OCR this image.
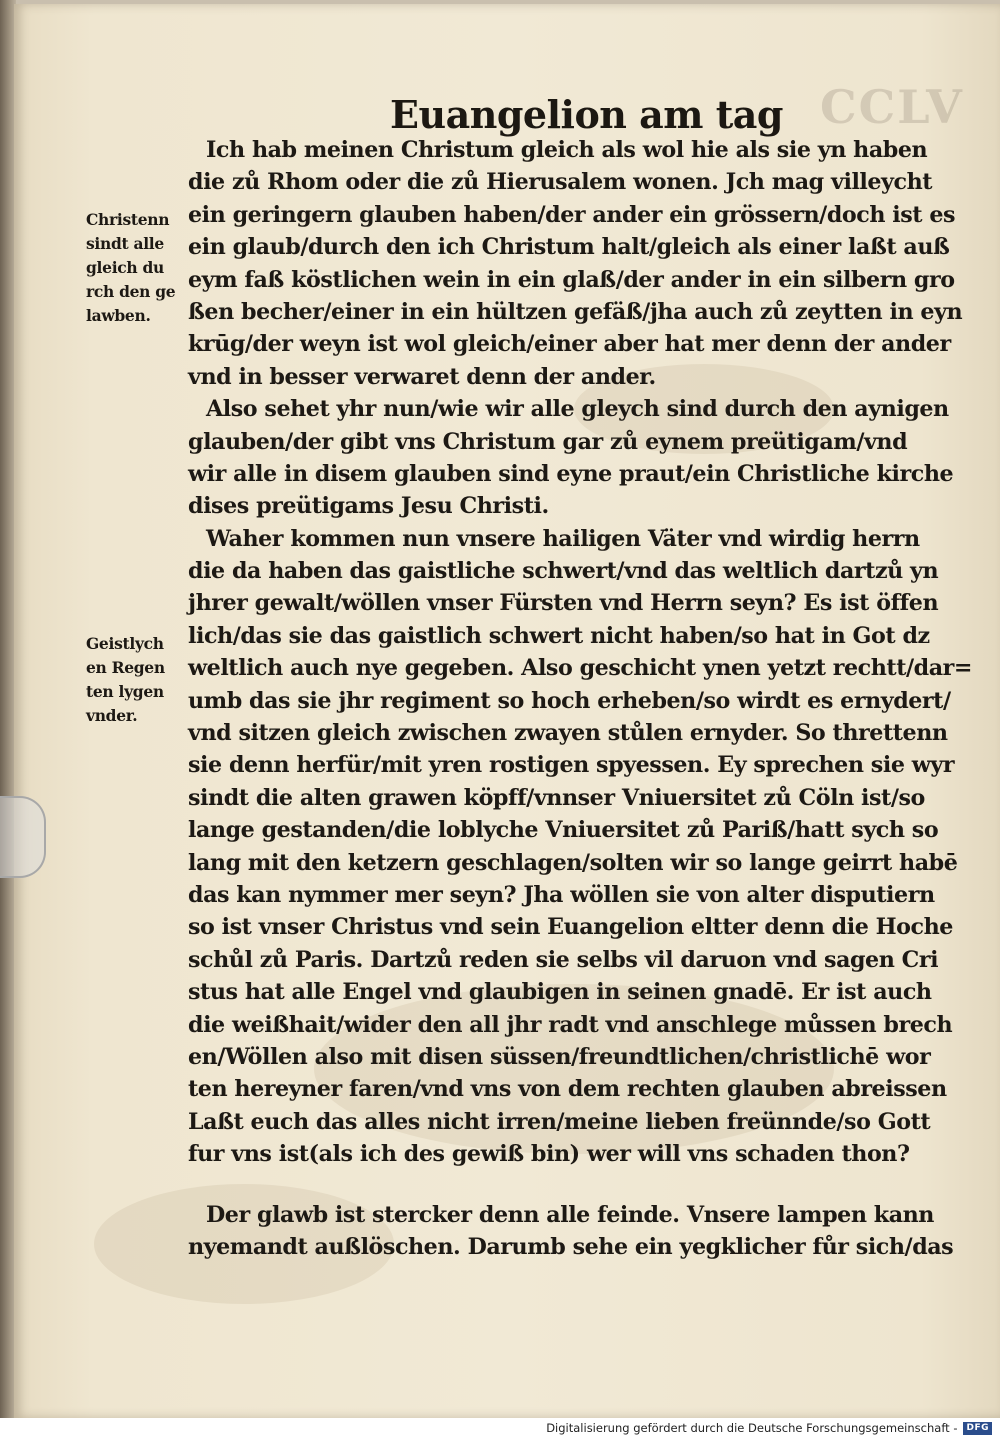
CCLV
Euangelion am tag
Christenn
sindt alle
gleich du
rch den ge
lawben.
Geistlych
en Regen
ten lygen
vnder.
Ich hab meinen Christum gleich als wol hie als sie yn haben
die zů Rhom oder die zů Hierusalem wonen. Jch mag villeycht
ein geringern glauben haben/der ander ein grössern/doch ist es
ein glaub/durch den ich Christum halt/gleich als einer laßt auß
eym faß köstlichen wein in ein glaß/der ander in ein silbern gro
ßen becher/einer in ein hültzen gefäß/jha auch zů zeytten in eyn
krūg/der weyn ist wol gleich/einer aber hat mer denn der ander
vnd in besser verwaret denn der ander.
Also sehet yhr nun/wie wir alle gleych sind durch den aynigen
glauben/der gibt vns Christum gar zů eynem preütigam/vnd
wir alle in disem glauben sind eyne praut/ein Christliche kirche
dises preütigams Jesu Christi.
Waher kommen nun vnsere hailigen Väter vnd wirdig herrn
die da haben das gaistliche schwert/vnd das weltlich dartzů yn
jhrer gewalt/wöllen vnser Fürsten vnd Herrn seyn? Es ist öffen
lich/das sie das gaistlich schwert nicht haben/so hat in Got dz
weltlich auch nye gegeben. Also geschicht ynen yetzt rechtt/dar=
umb das sie jhr regiment so hoch erheben/so wirdt es ernydert/
vnd sitzen gleich zwischen zwayen stůlen ernyder. So threttenn
sie denn herfür/mit yren rostigen spyessen. Ey sprechen sie wyr
sindt die alten grawen köpff/vnnser Vniuersitet zů Cöln ist/so
lange gestanden/die loblyche Vniuersitet zů Pariß/hatt sych so
lang mit den ketzern geschlagen/solten wir so lange geirrt habē
das kan nymmer mer seyn? Jha wöllen sie von alter disputiern
so ist vnser Christus vnd sein Euangelion eltter denn die Hoche
schůl zů Paris. Dartzů reden sie selbs vil daruon vnd sagen Cri
stus hat alle Engel vnd glaubigen in seinen gnadē. Er ist auch
die weißhait/wider den all jhr radt vnd anschlege můssen brech
en/Wöllen also mit disen süssen/freundtlichen/christlichē wor
ten hereyner faren/vnd vns von dem rechten glauben abreissen
Laßt euch das alles nicht irren/meine lieben freünnde/so Gott
fur vns ist(als ich des gewiß bin) wer will vns schaden thon?
Der glawb ist stercker denn alle feinde. Vnsere lampen kann
nyemandt außlöschen. Darumb sehe ein yegklicher fůr sich/das
Digitalisierung gefördert durch die Deutsche Forschungsgemeinschaft -	DFG
